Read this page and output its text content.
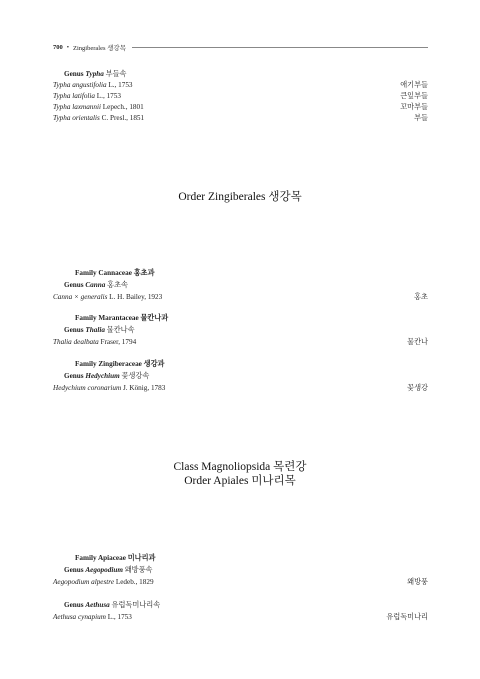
700 • Zingiberales 생강목
Genus Typha 부들속
Typha angustifolia L., 1753	애기부들
Typha latifolia L., 1753	큰잎부들
Typha laxmannii Lepech., 1801	꼬마부들
Typha orientalis C. Presl., 1851	부들
Order Zingiberales 생강목
Family Cannaceae 홍초과
Genus Canna 홍초속
Canna × generalis L. H. Bailey, 1923	홍초
Family Marantaceae 물칸나과
Genus Thalia 물칸나속
Thalia dealbata Fraser, 1794	물칸나
Family Zingiberaceae 생강과
Genus Hedychium 꽃생강속
Hedychium coronarium J. König, 1783	꽃생강
Class Magnoliopsida 목련강
Order Apiales 미나리목
Family Apiaceae 미나리과
Genus Aegopodium 왜방풍속
Aegopodium alpestre Ledeb., 1829	왜방풍
Genus Aethusa 유럽독미나리속
Aethusa cynapium L., 1753	유럽독미나리
